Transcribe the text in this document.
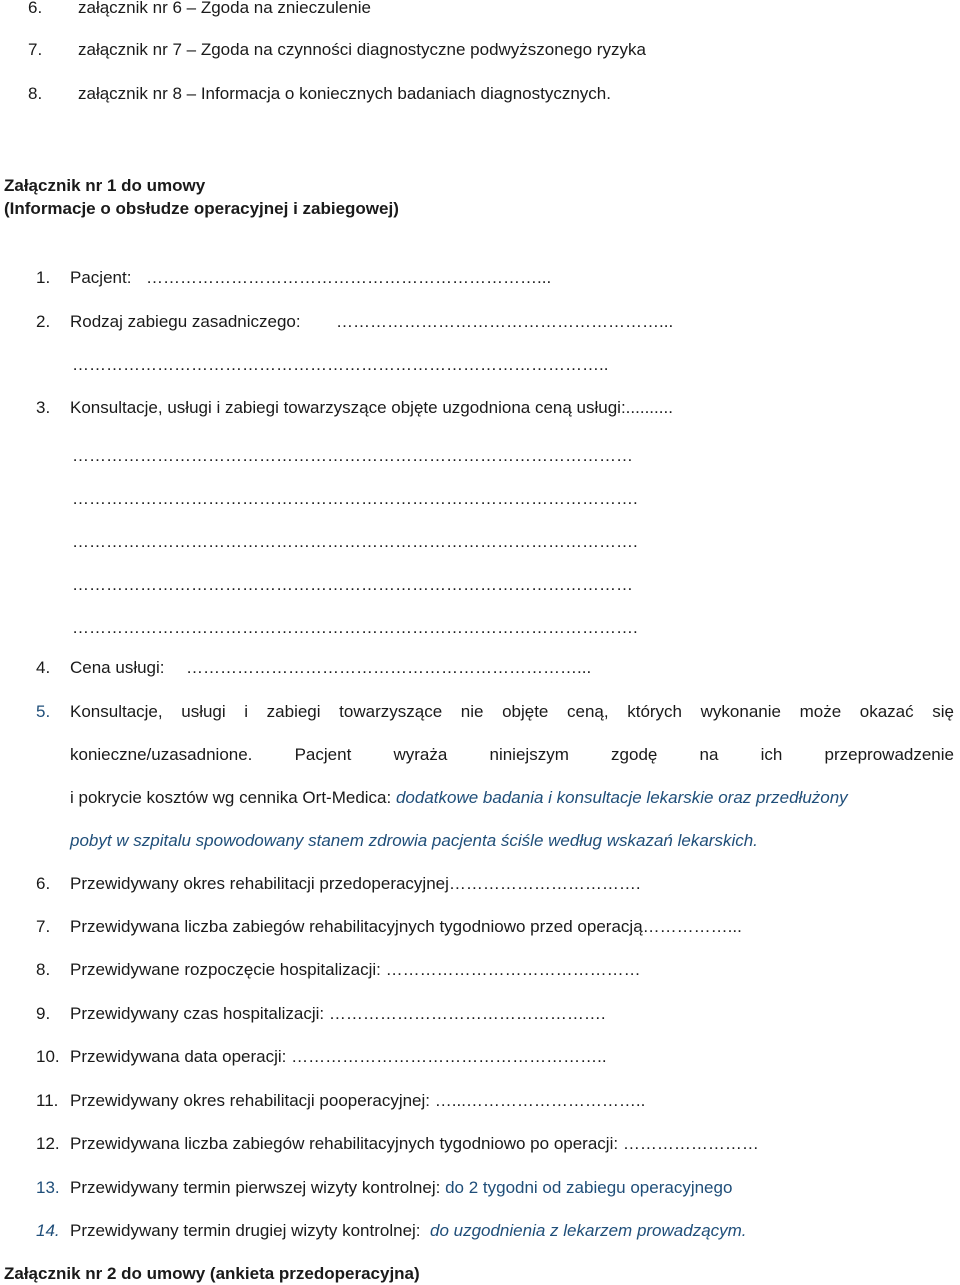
6. załącznik nr 6 – Zgoda na znieczulenie
7. załącznik nr 7 – Zgoda na czynności diagnostyczne podwyższonego ryzyka
8. załącznik nr 8 – Informacja o koniecznych badaniach diagnostycznych.
Załącznik nr 1 do umowy
(Informacje o obsłudze operacyjnej i zabiegowej)
1. Pacjent: ……………………………………………………………...
2. Rodzaj zabiegu zasadniczego: …………………………………………………...
…………………………………………………………………………………..
3. Konsultacje, usługi i zabiegi towarzyszące objęte uzgodniona ceną usługi:..........
………………………………………………………………………………………
……………………………………………………………………………………….
……………………………………………………………………………………….
………………………………………………………………………………………
……………………………………………………………………………………….
4. Cena usługi: ……………………………………………………………...
5. Konsultacje, usługi i zabiegi towarzyszące nie objęte ceną, których wykonanie może okazać się
konieczne/uzasadnione. Pacjent wyraża niniejszym zgodę na ich przeprowadzenie
i pokrycie kosztów wg cennika Ort-Medica: dodatkowe badania i konsultacje lekarskie oraz przedłużony
pobyt w szpitalu spowodowany stanem zdrowia pacjenta ściśle według wskazań lekarskich.
6. Przewidywany okres rehabilitacji przedoperacyjnej…………………………….
7. Przewidywana liczba zabiegów rehabilitacyjnych tygodniowo przed operacją……………...
8. Przewidywane rozpoczęcie hospitalizacji: ………………………………………
9. Przewidywany czas hospitalizacji: ………………………………………….
10. Przewidywana data operacji: ………………………………………………..
11. Przewidywany okres rehabilitacji pooperacyjnej: …...…………………………..
12. Przewidywana liczba zabiegów rehabilitacyjnych tygodniowo po operacji: ……………………
13. Przewidywany termin pierwszej wizyty kontrolnej: do 2 tygodni od zabiegu operacyjnego
14. Przewidywany termin drugiej wizyty kontrolnej: do uzgodnienia z lekarzem prowadzącym.
Załącznik nr 2 do umowy (ankieta przedoperacyjna)
